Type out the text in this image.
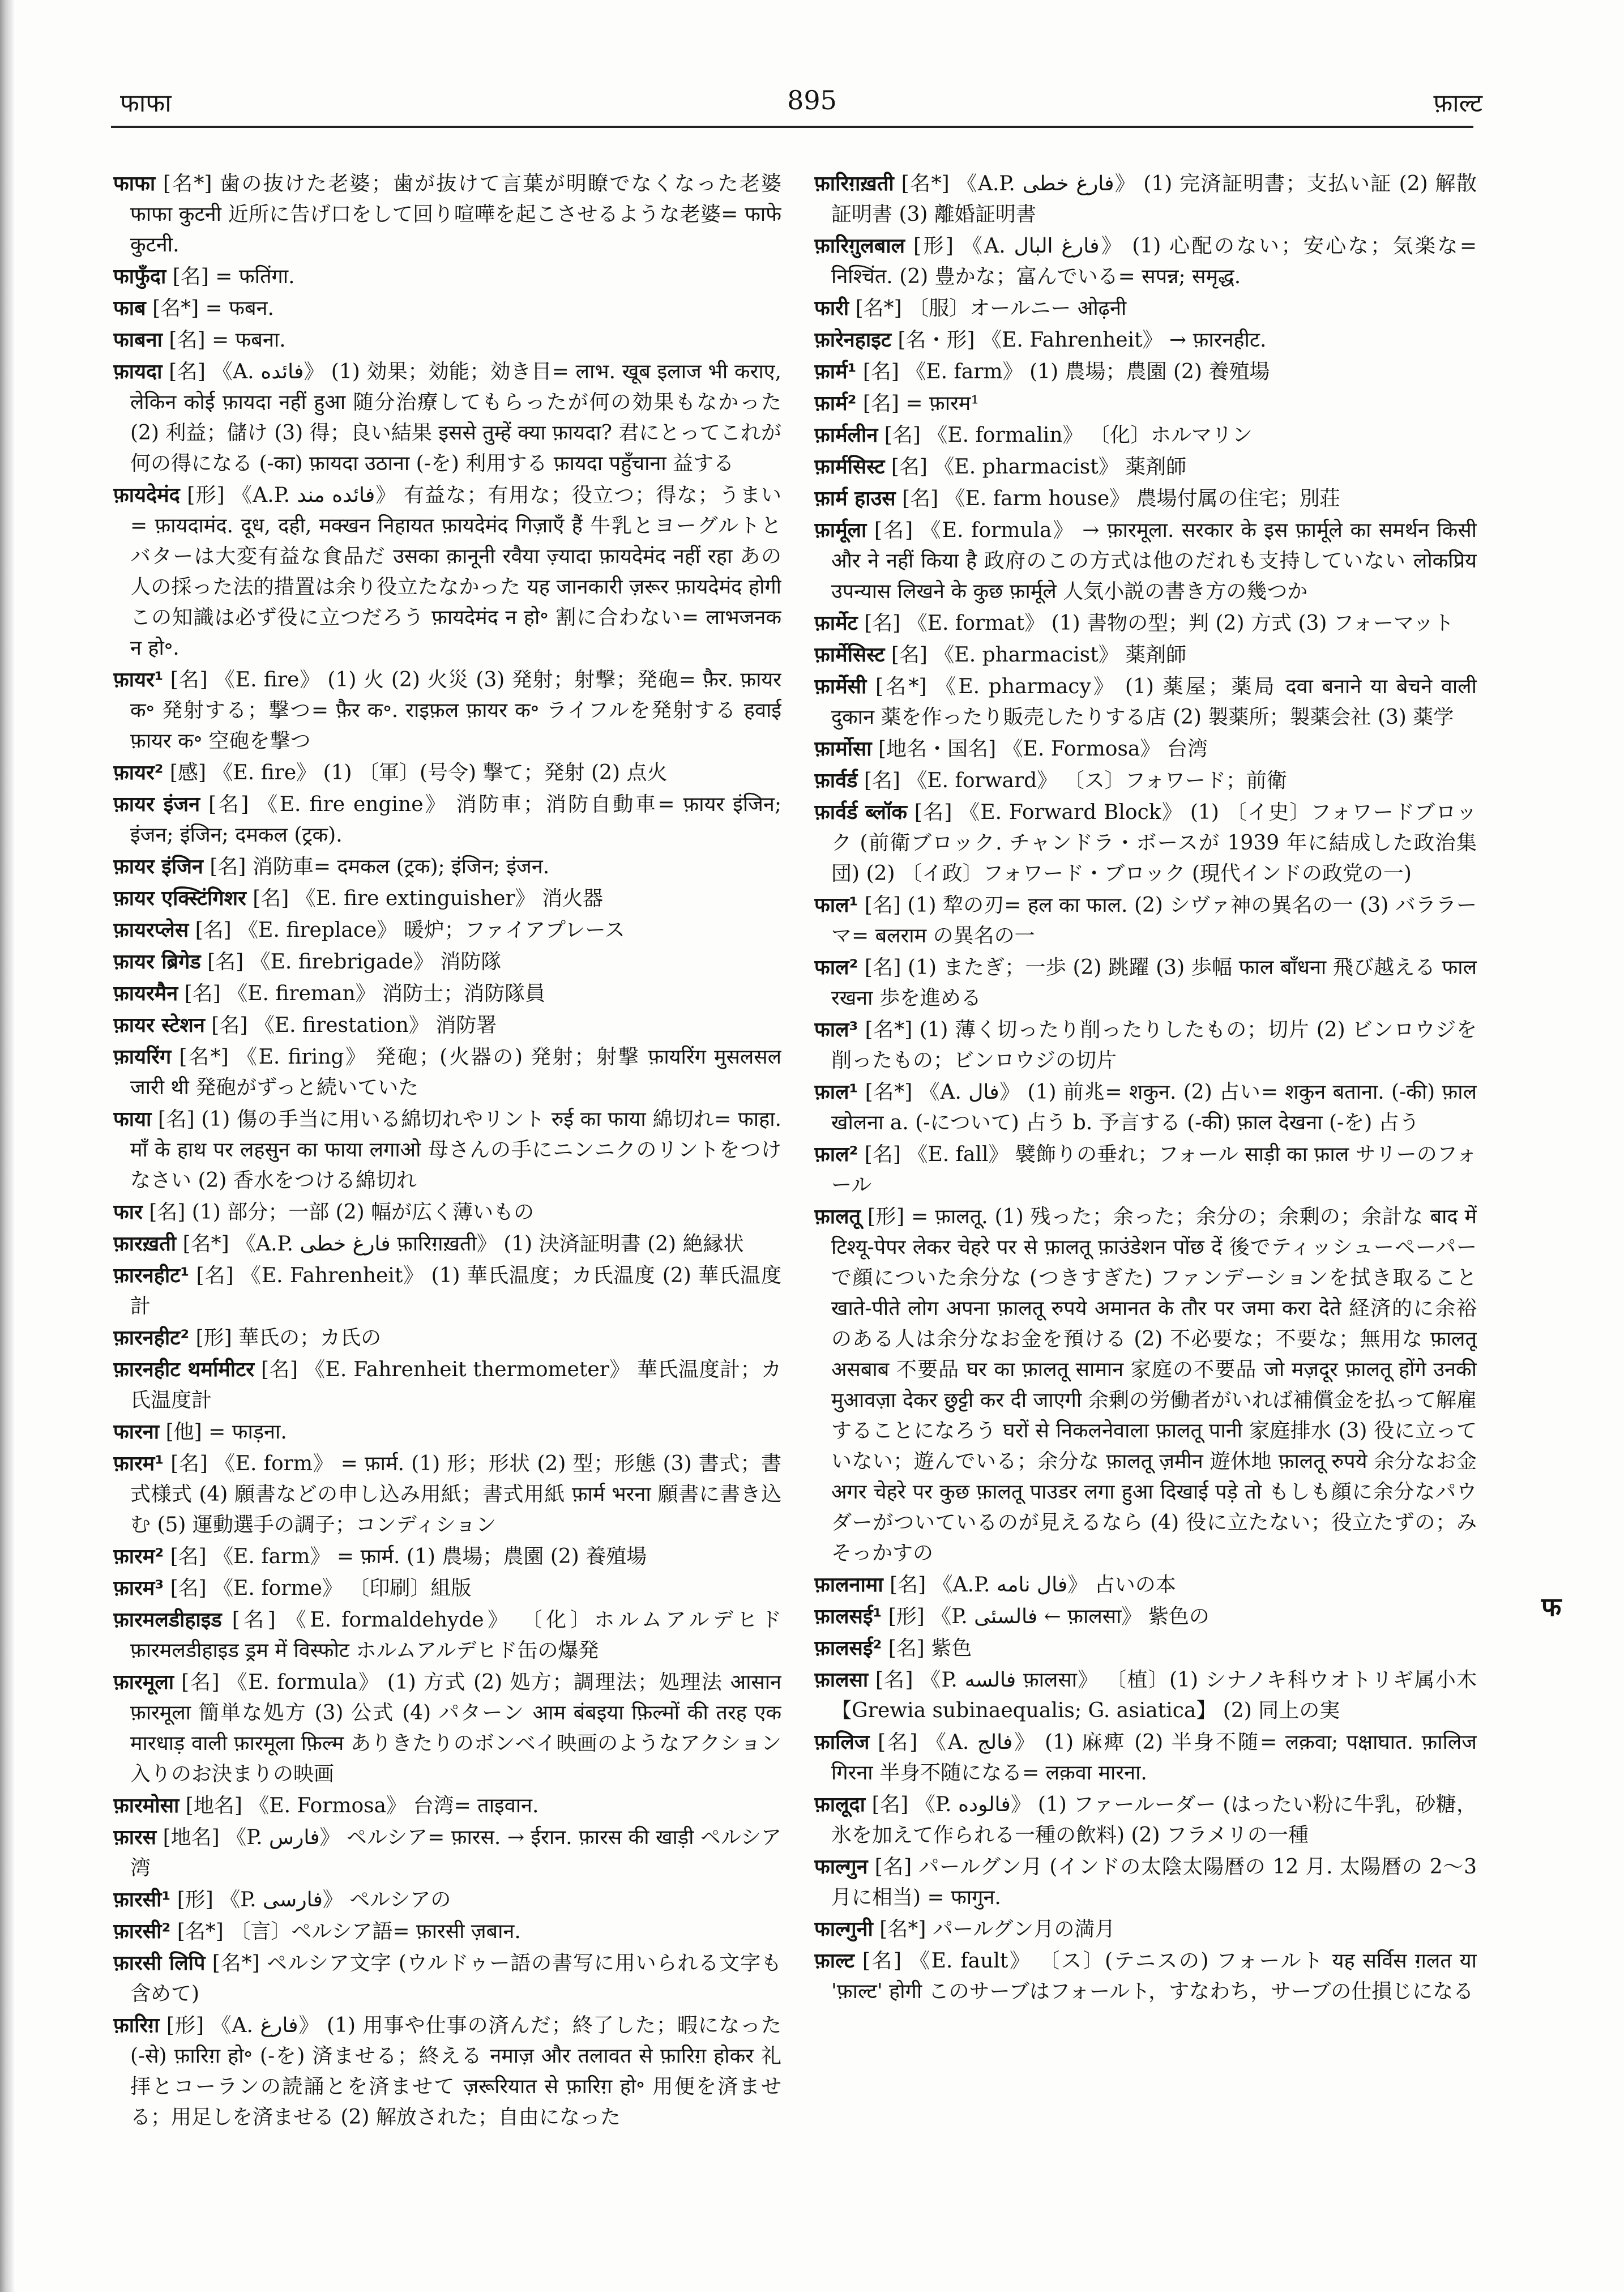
फाफा	895	फ़ाल्ट

फाफा [名*] 歯の抜けた老婆；歯が抜けて言葉が明瞭でなくなった老婆 फाफा कुटनी 近所に告げ口をして回り喧嘩を起こさせるような老婆= फाफे कुटनी.

फाफुँदा [名] = फतिंगा.

फाब [名*] = फबन.

फाबना [名] = फबना.

फ़ायदा [名] 《A. فائده》 (1) 効果；効能；効き目= लाभ. खूब इलाज भी कराए, लेकिन कोई फ़ायदा नहीं हुआ 随分治療してもらったが何の効果もなかった (2) 利益；儲け (3) 得；良い結果 इससे तुम्हें क्या फ़ायदा? 君にとってこれが何の得になる (-का) फ़ायदा उठाना (-を) 利用する फ़ायदा पहुँचाना 益する

फ़ायदेमंद [形] 《A.P. فائده مند》 有益な；有用な；役立つ；得な；うまい= फ़ायदामंद. दूध, दही, मक्खन निहायत फ़ायदेमंद गिज़ाएँ हैं 牛乳とヨーグルトとバターは大変有益な食品だ उसका क़ानूनी रवैया ज़्यादा फ़ायदेमंद नहीं रहा あの人の採った法的措置は余り役立たなかった यह जानकारी ज़रूर फ़ायदेमंद होगी この知識は必ず役に立つだろう फ़ायदेमंद न हो॰ 割に合わない= लाभजनक न हो॰.

फ़ायर¹ [名] 《E. fire》 (1) 火 (2) 火災 (3) 発射；射撃；発砲= फ़ैर. फ़ायर क॰ 発射する；撃つ= फ़ैर क॰. राइफ़ल फ़ायर क॰ ライフルを発射する हवाई फ़ायर क॰ 空砲を撃つ

फ़ायर² [感] 《E. fire》 (1) 〔軍〕(号令) 撃て；発射 (2) 点火

फ़ायर इंजन [名] 《E. fire engine》 消防車；消防自動車= फ़ायर इंजिन; इंजन; इंजिन; दमकल (ट्रक).

फ़ायर इंजिन [名] 消防車= दमकल (ट्रक); इंजिन; इंजन.

फ़ायर एक्स्टिंगिशर [名] 《E. fire extinguisher》 消火器

फ़ायरप्लेस [名] 《E. fireplace》 暖炉；ファイアプレース

फ़ायर ब्रिगेड [名] 《E. firebrigade》 消防隊

फ़ायरमैन [名] 《E. fireman》 消防士；消防隊員

फ़ायर स्टेशन [名] 《E. firestation》 消防署

फ़ायरिंग [名*] 《E. firing》 発砲；(火器の) 発射；射撃 फ़ायरिंग मुसलसल जारी थी 発砲がずっと続いていた

फाया [名] (1) 傷の手当に用いる綿切れやリント रुई का फाया 綿切れ= फाहा. माँ के हाथ पर लहसुन का फाया लगाओ 母さんの手にニンニクのリントをつけなさい (2) 香水をつける綿切れ

फार [名] (1) 部分；一部 (2) 幅が広く薄いもの

फ़ारख़ती [名*] 《A.P. فارغ خطی फ़ारिग़ख़ती》 (1) 決済証明書 (2) 絶縁状

फ़ारनहीट¹ [名] 《E. Fahrenheit》 (1) 華氏温度；カ氏温度 (2) 華氏温度計

फ़ारनहीट² [形] 華氏の；カ氏の

फ़ारनहीट थर्मामीटर [名] 《E. Fahrenheit thermometer》 華氏温度計；カ氏温度計

फारना [他] = फाड़ना.

फ़ारम¹ [名] 《E. form》 = फ़ार्म. (1) 形；形状 (2) 型；形態 (3) 書式；書式様式 (4) 願書などの申し込み用紙；書式用紙 फ़ार्म भरना 願書に書き込む (5) 運動選手の調子；コンディション

फ़ारम² [名] 《E. farm》 = फ़ार्म. (1) 農場；農園 (2) 養殖場

फ़ारम³ [名] 《E. forme》 〔印刷〕組版

फ़ारमलडीहाइड [名] 《E. formaldehyde》 〔化〕ホルムアルデヒド फ़ारमलडीहाइड ड्रम में विस्फोट ホルムアルデヒド缶の爆発

फ़ारमूला [名] 《E. formula》 (1) 方式 (2) 処方；調理法；処理法 आसान फ़ारमूला 簡単な処方 (3) 公式 (4) パターン आम बंबइया फ़िल्मों की तरह एक मारधाड़ वाली फ़ारमूला फ़िल्म ありきたりのボンベイ映画のようなアクション入りのお決まりの映画

फ़ारमोसा [地名] 《E. Formosa》 台湾= ताइवान.

फ़ारस [地名] 《P. فارس》 ペルシア= फ़ारस. → ईरान. फ़ारस की खाड़ी ペルシア湾

फ़ारसी¹ [形] 《P. فارسی》 ペルシアの

फ़ारसी² [名*] 〔言〕ペルシア語= फ़ारसी ज़बान.

फ़ारसी लिपि [名*] ペルシア文字 (ウルドゥー語の書写に用いられる文字も含めて)

फ़ारिग़ [形] 《A. فارغ》 (1) 用事や仕事の済んだ；終了した；暇になった (-से) फ़ारिग़ हो॰ (-を) 済ませる；終える नमाज़ और तलावत से फ़ारिग़ होकर 礼拝とコーランの読誦とを済ませて ज़रूरियात से फ़ारिग़ हो॰ 用便を済ませる；用足しを済ませる (2) 解放された；自由になった

फ़ारिग़ख़ती [名*] 《A.P. فارغ خطی》 (1) 完済証明書；支払い証 (2) 解散証明書 (3) 離婚証明書

फ़ारिग़ुलबाल [形] 《A. فارغ البال》 (1) 心配のない；安心な；気楽な= निश्चिंत. (2) 豊かな；富んでいる= सपन्न; समृद्ध.

फारी [名*] 〔服〕オールニー ओढ़नी

फ़ारेनहाइट [名・形] 《E. Fahrenheit》 → फ़ारनहीट.

फ़ार्म¹ [名] 《E. farm》 (1) 農場；農園 (2) 養殖場

फ़ार्म² [名] = फ़ारम¹

फ़ार्मलीन [名] 《E. formalin》 〔化〕ホルマリン

फ़ार्मसिस्ट [名] 《E. pharmacist》 薬剤師

फ़ार्म हाउस [名] 《E. farm house》 農場付属の住宅；別荘

फ़ार्मूला [名] 《E. formula》 → फ़ारमूला. सरकार के इस फ़ार्मूले का समर्थन किसी और ने नहीं किया है 政府のこの方式は他のだれも支持していない लोकप्रिय उपन्यास लिखने के कुछ फ़ार्मूले 人気小説の書き方の幾つか

फ़ार्मेट [名] 《E. format》 (1) 書物の型；判 (2) 方式 (3) フォーマット

फ़ार्मेसिस्ट [名] 《E. pharmacist》 薬剤師

फ़ार्मेसी [名*] 《E. pharmacy》 (1) 薬屋；薬局 दवा बनाने या बेचने वाली दुकान 薬を作ったり販売したりする店 (2) 製薬所；製薬会社 (3) 薬学

फ़ार्मोसा [地名・国名] 《E. Formosa》 台湾

फ़ार्वर्ड [名] 《E. forward》 〔ス〕フォワード；前衛

फ़ार्वर्ड ब्लॉक [名] 《E. Forward Block》 (1) 〔イ史〕フォワードブロック (前衛ブロック. チャンドラ・ボースが 1939 年に結成した政治集団) (2) 〔イ政〕フォワード・ブロック (現代インドの政党の一)

फाल¹ [名] (1) 犂の刃= हल का फाल. (2) シヴァ神の異名の一 (3) バララーマ= बलराम の異名の一

फाल² [名] (1) またぎ；一歩 (2) 跳躍 (3) 歩幅 फाल बाँधना 飛び越える फाल रखना 歩を進める

फाल³ [名*] (1) 薄く切ったり削ったりしたもの；切片 (2) ビンロウジを削ったもの；ビンロウジの切片

फ़ाल¹ [名*] 《A. فال》 (1) 前兆= शकुन. (2) 占い= शकुन बताना. (-की) फ़ाल खोलना a. (-について) 占う b. 予言する (-की) फ़ाल देखना (-を) 占う

फ़ाल² [名] 《E. fall》 襞飾りの垂れ；フォール साड़ी का फ़ाल サリーのフォール

फ़ालतू [形] = फ़ालतू. (1) 残った；余った；余分の；余剰の；余計な बाद में टिश्यू-पेपर लेकर चेहरे पर से फ़ालतू फ़ाउंडेशन पोंछ दें 後でティッシューペーパーで顔についた余分な (つきすぎた) ファンデーションを拭き取ること खाते-पीते लोग अपना फ़ालतू रुपये अमानत के तौर पर जमा करा देते 経済的に余裕のある人は余分なお金を預ける (2) 不必要な；不要な；無用な फ़ालतू असबाब 不要品 घर का फ़ालतू सामान 家庭の不要品 जो मज़दूर फ़ालतू होंगे उनकी मुआवज़ा देकर छुट्टी कर दी जाएगी 余剰の労働者がいれば補償金を払って解雇することになろう घरों से निकलनेवाला फ़ालतू पानी 家庭排水 (3) 役に立っていない；遊んでいる；余分な फ़ालतू ज़मीन 遊休地 फ़ालतू रुपये 余分なお金 अगर चेहरे पर कुछ फ़ालतू पाउडर लगा हुआ दिखाई पड़े तो もしも顔に余分なパウダーがついているのが見えるなら (4) 役に立たない；役立たずの；みそっかすの

फ़ालनामा [名] 《A.P. فال نامه》 占いの本

फ़ालसई¹ [形] 《P. فالسئی ← फ़ालसा》 紫色の

फ़ालसई² [名] 紫色

फ़ालसा [名] 《P. فالسه फ़ालसा》 〔植〕(1) シナノキ科ウオトリギ属小木【Grewia subinaequalis; G. asiatica】 (2) 同上の実

फ़ालिज [名] 《A. فالج》 (1) 麻痺 (2) 半身不随= लक़वा; पक्षाघात. फ़ालिज गिरना 半身不随になる= लक़वा मारना.

फ़ालूदा [名] 《P. فالوده》 (1) ファールーダー (はったい粉に牛乳，砂糖，氷を加えて作られる一種の飲料) (2) フラメリの一種

फाल्गुन [名] パールグン月 (インドの太陰太陽暦の 12 月. 太陽暦の 2〜3 月に相当) = फागुन.

फाल्गुनी [名*] パールグン月の満月

फ़ाल्ट [名] 《E. fault》 〔ス〕(テニスの) フォールト यह सर्विस ग़लत या 'फ़ाल्ट' होगी このサーブはフォールト，すなわち，サーブの仕損じになる

फ
